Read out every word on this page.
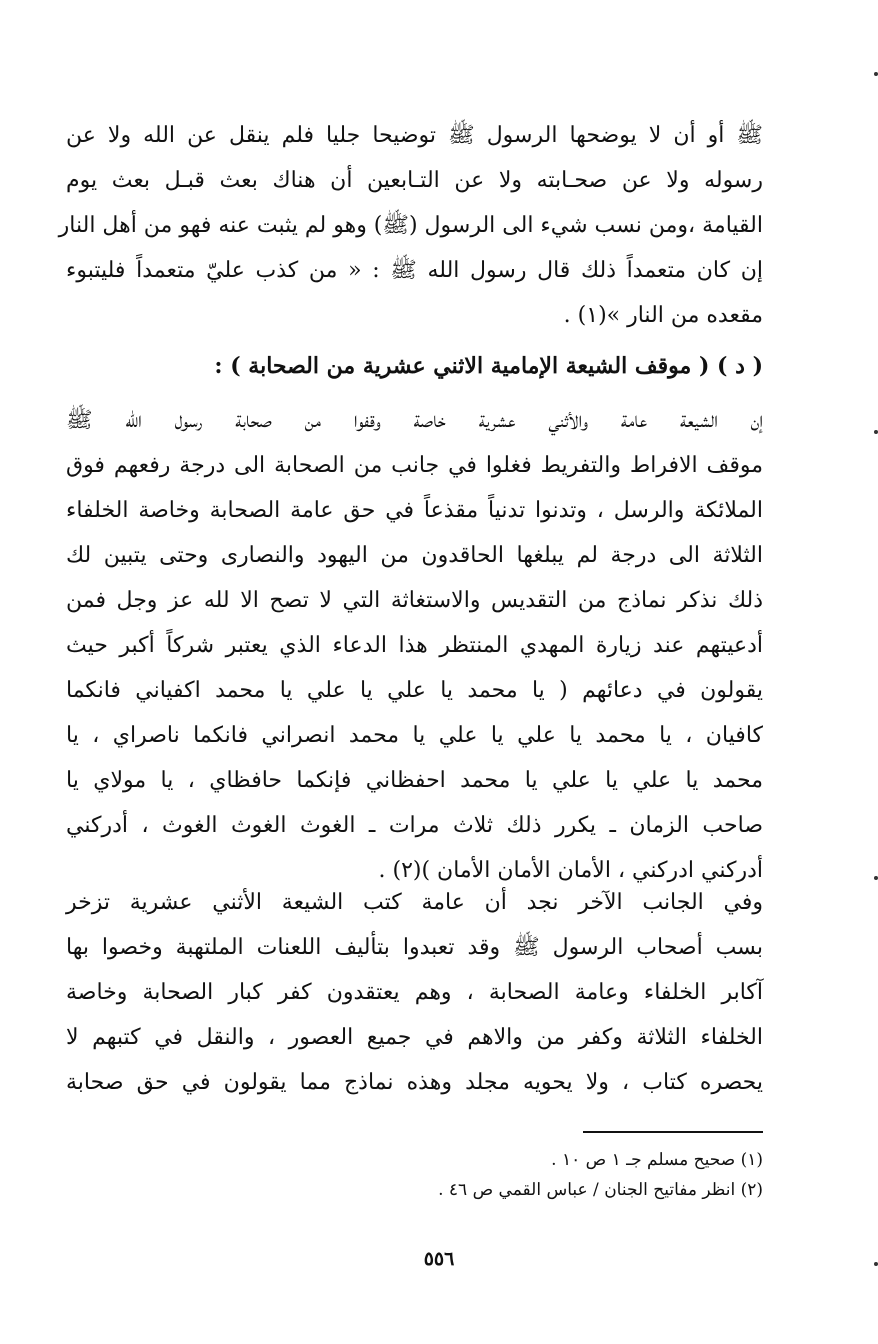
ﷺ أو أن لا يوضحها الرسول ﷺ توضيحا جليا فلم ينقل عن الله ولا عن
رسوله ولا عن صحـابته ولا عن التـابعين أن هناك بعث قبـل بعث يوم
القيامة ،ومن نسب شيء الى الرسول (ﷺ) وهو لم يثبت عنه فهو من أهل النار
إن كان متعمداً ذلك قال رسول الله ﷺ : « من كذب عليّ متعمداً فليتبوء
مقعده من النار »(١) .
( د ) ( موقف الشيعة الإمامية الاثني عشرية من الصحابة ) :
إن الشيعة عامة والأثني عشرية خاصة وقفوا من صحابة رسول الله ﷺ
موقف الافراط والتفريط فغلوا في جانب من الصحابة الى درجة رفعهم فوق
الملائكة والرسل ، وتدنوا تدنياً مقذعاً في حق عامة الصحابة وخاصة الخلفاء
الثلاثة الى درجة لم يبلغها الحاقدون من اليهود والنصارى وحتى يتبين لك
ذلك نذكر نماذج من التقديس والاستغاثة التي لا تصح الا لله عز وجل فمن
أدعيتهم عند زيارة المهدي المنتظر هذا الدعاء الذي يعتبر شركاً أكبر حيث
يقولون في دعائهم ( يا محمد يا علي يا علي يا محمد اكفياني فانكما
كافيان ، يا محمد يا علي يا علي يا محمد انصراني فانكما ناصراي ، يا
محمد يا علي يا علي يا محمد احفظاني فإنكما حافظاي ، يا مولاي يا
صاحب الزمان ـ يكرر ذلك ثلاث مرات ـ الغوث الغوث الغوث ، أدركني
أدركني ادركني ، الأمان الأمان الأمان )(٢) .
وفي الجانب الآخر نجد أن عامة كتب الشيعة الأثني عشرية تزخر
بسب أصحاب الرسول ﷺ وقد تعبدوا بتأليف اللعنات الملتهبة وخصوا بها
آكابر الخلفاء وعامة الصحابة ، وهم يعتقدون كفر كبار الصحابة وخاصة
الخلفاء الثلاثة وكفر من والاهم في جميع العصور ، والنقل في كتبهم لا
يحصره كتاب ، ولا يحويه مجلد وهذه نماذج مما يقولون في حق صحابة
(١) صحيح مسلم جـ ١ ص ١٠ .
(٢) انظر مفاتيح الجنان / عباس القمي ص ٤٦ .
٥٥٦
